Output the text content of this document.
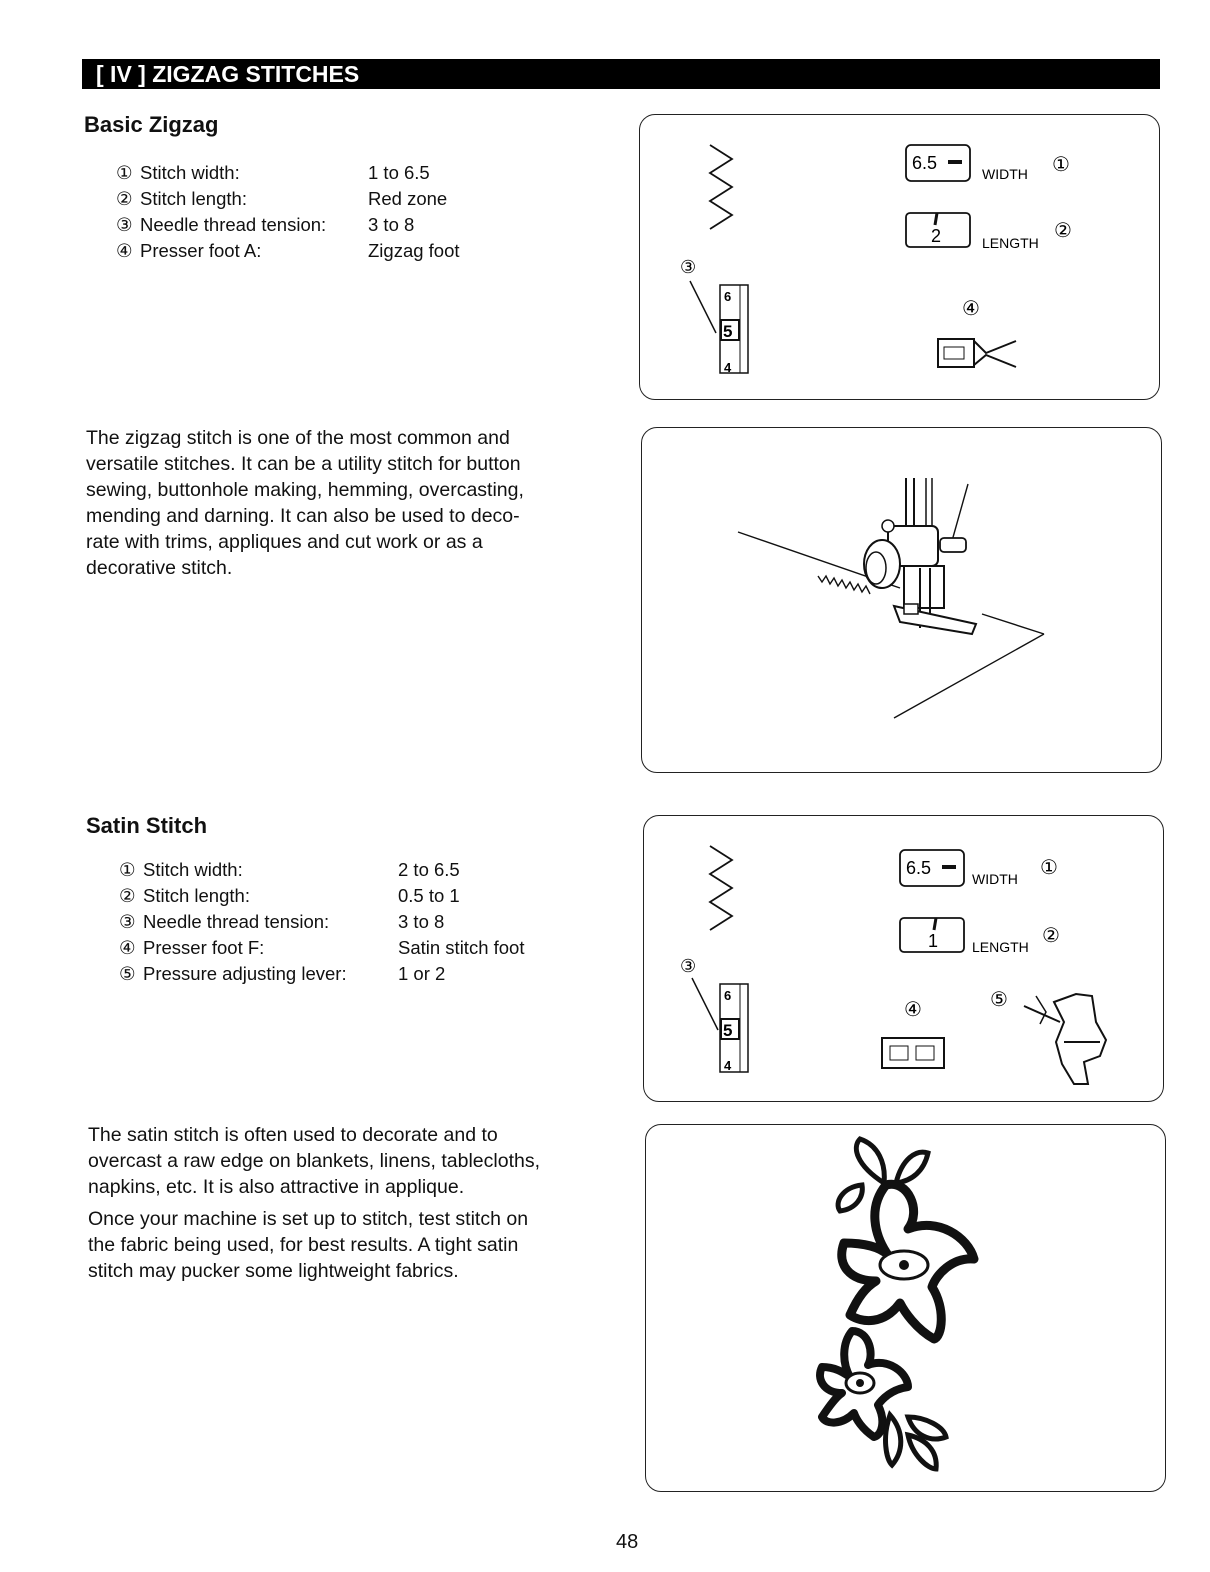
[ IV ] ZIGZAG STITCHES
Basic Zigzag
① Stitch width:	1 to 6.5
② Stitch length:	Red zone
③ Needle thread tension:	3 to 8
④ Presser foot A:	Zigzag foot
③
6
5
4
6.5
WIDTH ①
2	LENGTH
②
④
The zigzag stitch is one of the most common and
versatile stitches. It can be a utility stitch for button
sewing, buttonhole making, hemming, overcasting,
mending and darning. It can also be used to deco-
rate with trims, appliques and cut work or as a
decorative stitch.
Satin Stitch
① Stitch width:	2 to 6.5
② Stitch length:	0.5 to 1
③ Needle thread tension:	3 to 8
④ Presser foot F:	Satin stitch foot
⑤ Pressure adjusting lever:	1 or 2	③
6
5
4
6.5
WIDTH ①
1 LENGTH ②
④	⑤
The satin stitch is often used to decorate and to
overcast a raw edge on blankets, linens, tablecloths,
napkins, etc. It is also attractive in applique.
Once your machine is set up to stitch, test stitch on
the fabric being used, for best results. A tight satin
stitch may pucker some lightweight fabrics.
48
